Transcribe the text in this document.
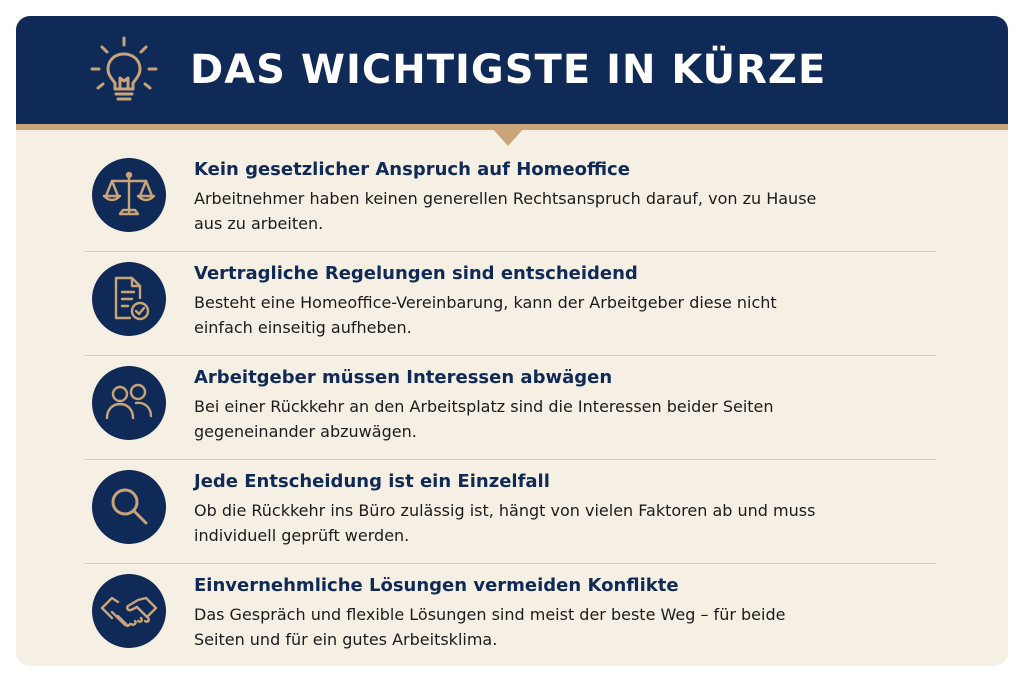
DAS WICHTIGSTE IN KÜRZE
Kein gesetzlicher Anspruch auf Homeoffice
Arbeitnehmer haben keinen generellen Rechtsanspruch darauf, von zu Hause aus zu arbeiten.
Vertragliche Regelungen sind entscheidend
Besteht eine Homeoffice-Vereinbarung, kann der Arbeitgeber diese nicht einfach einseitig aufheben.
Arbeitgeber müssen Interessen abwägen
Bei einer Rückkehr an den Arbeitsplatz sind die Interessen beider Seiten gegeneinander abzuwägen.
Jede Entscheidung ist ein Einzelfall
Ob die Rückkehr ins Büro zulässig ist, hängt von vielen Faktoren ab und muss individuell geprüft werden.
Einvernehmliche Lösungen vermeiden Konflikte
Das Gespräch und flexible Lösungen sind meist der beste Weg – für beide Seiten und für ein gutes Arbeitsklima.
